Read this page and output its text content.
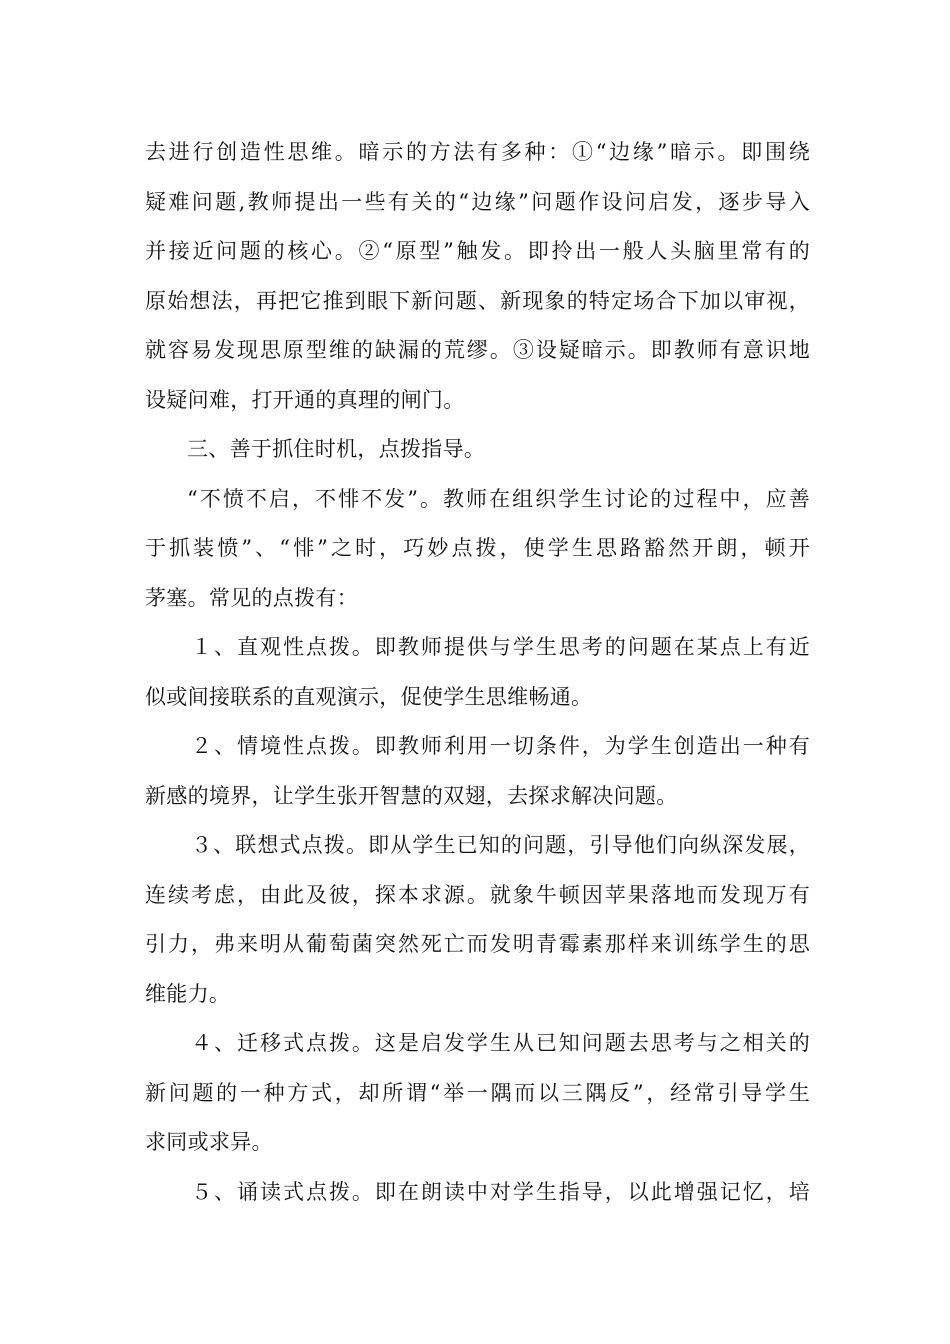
去进行创造性思维。暗示的方法有多种：①“边缘”暗示。即围绕
疑难问题,教师提出一些有关的“边缘”问题作设问启发，逐步导入
并接近问题的核心。②“原型”触发。即拎出一般人头脑里常有的
原始想法，再把它推到眼下新问题、新现象的特定场合下加以审视，
就容易发现思原型维的缺漏的荒缪。③设疑暗示。即教师有意识地
设疑问难，打开通的真理的闸门。
三、善于抓住时机，点拨指导。
“不愤不启，不悱不发”。教师在组织学生讨论的过程中，应善
于抓装愤”、“悱”之时，巧妙点拨，使学生思路豁然开朗，顿开
茅塞。常见的点拨有：
１、直观性点拨。即教师提供与学生思考的问题在某点上有近
似或间接联系的直观演示，促使学生思维畅通。
２、情境性点拨。即教师利用一切条件，为学生创造出一种有
新感的境界，让学生张开智慧的双翅，去探求解决问题。
３、联想式点拨。即从学生已知的问题，引导他们向纵深发展，
连续考虑，由此及彼，探本求源。就象牛顿因苹果落地而发现万有
引力，弗来明从葡萄菌突然死亡而发明青霉素那样来训练学生的思
维能力。
４、迁移式点拨。这是启发学生从已知问题去思考与之相关的
新问题的一种方式，却所谓“举一隅而以三隅反”，经常引导学生
求同或求异。
５、诵读式点拨。即在朗读中对学生指导，以此增强记忆，培
